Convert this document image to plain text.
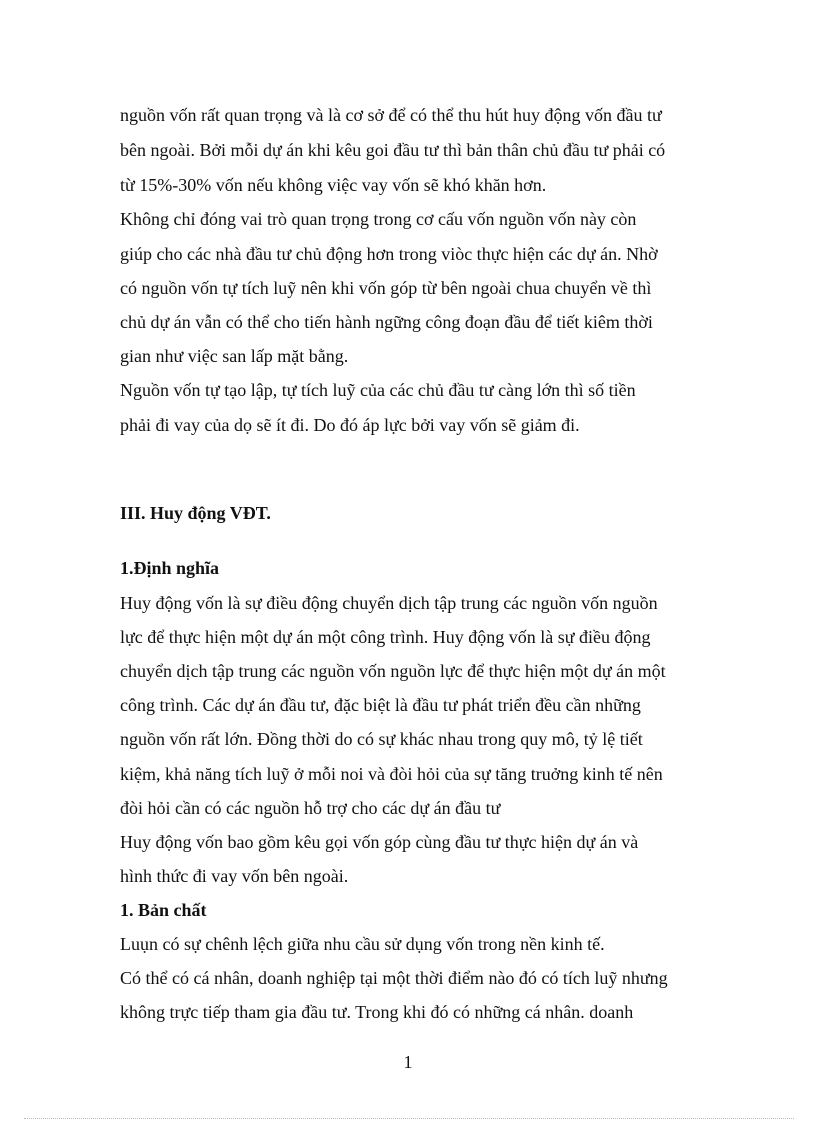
nguồn vốn rất quan trọng và là cơ sở để có thể thu hút huy động vốn đầu tư
bên ngoài. Bởi mỗi dự án khi kêu goi đầu tư thì bản thân chủ đầu tư phải có
từ 15%-30% vốn nếu không việc vay vốn sẽ khó khăn hơn.
Không chỉ đóng vai trò quan trọng trong cơ cấu vốn nguồn vốn này còn
giúp cho các nhà đầu tư chủ động hơn trong viòc thực hiện các dự án. Nhờ
có nguồn vốn tự tích luỹ nên khi vốn góp từ bên ngoài chua chuyển về thì
chủ dự án vẫn có thể cho tiến hành ngững công đoạn đầu để tiết kiêm thời
gian như việc san lấp mặt bằng.
Nguồn vốn tự tạo lập, tự tích luỹ của các chủ đầu tư càng lớn thì số tiền
phải đi vay của dọ sẽ ít đi. Do đó áp lực bởi vay vốn sẽ giảm đi.
III. Huy động VĐT.
1.Định nghĩa
Huy động vốn là sự điều động chuyển dịch tập trung các nguồn vốn nguồn
lực để thực hiện một dự án một công trình. Huy động vốn là sự điều động
chuyển dịch tập trung các nguồn vốn nguồn lực để thực hiện một dự án một
công trình. Các dự án đầu tư, đặc biệt là đầu tư phát triển đều cần những
nguồn vốn rất lớn. Đồng thời do có sự khác nhau trong quy mô, tỷ lệ tiết
kiệm, khả năng tích luỹ ở mỗi noi và đòi hỏi của sự tăng truởng kinh tế nên
đòi hỏi cần có các nguồn hỗ trợ cho các dự án đầu tư
Huy động vốn bao gồm kêu gọi vốn góp cùng đầu tư thực hiện dự án và
hình thức đi vay vốn bên ngoài.
1. Bản chất
Luụn có sự chênh lệch giữa nhu cầu sử dụng vốn trong nền kinh tế.
Có thể có cá nhân, doanh nghiệp tại một thời điểm nào đó có tích luỹ nhưng
không trực tiếp tham gia đầu tư. Trong khi đó có những cá nhân. doanh
1
